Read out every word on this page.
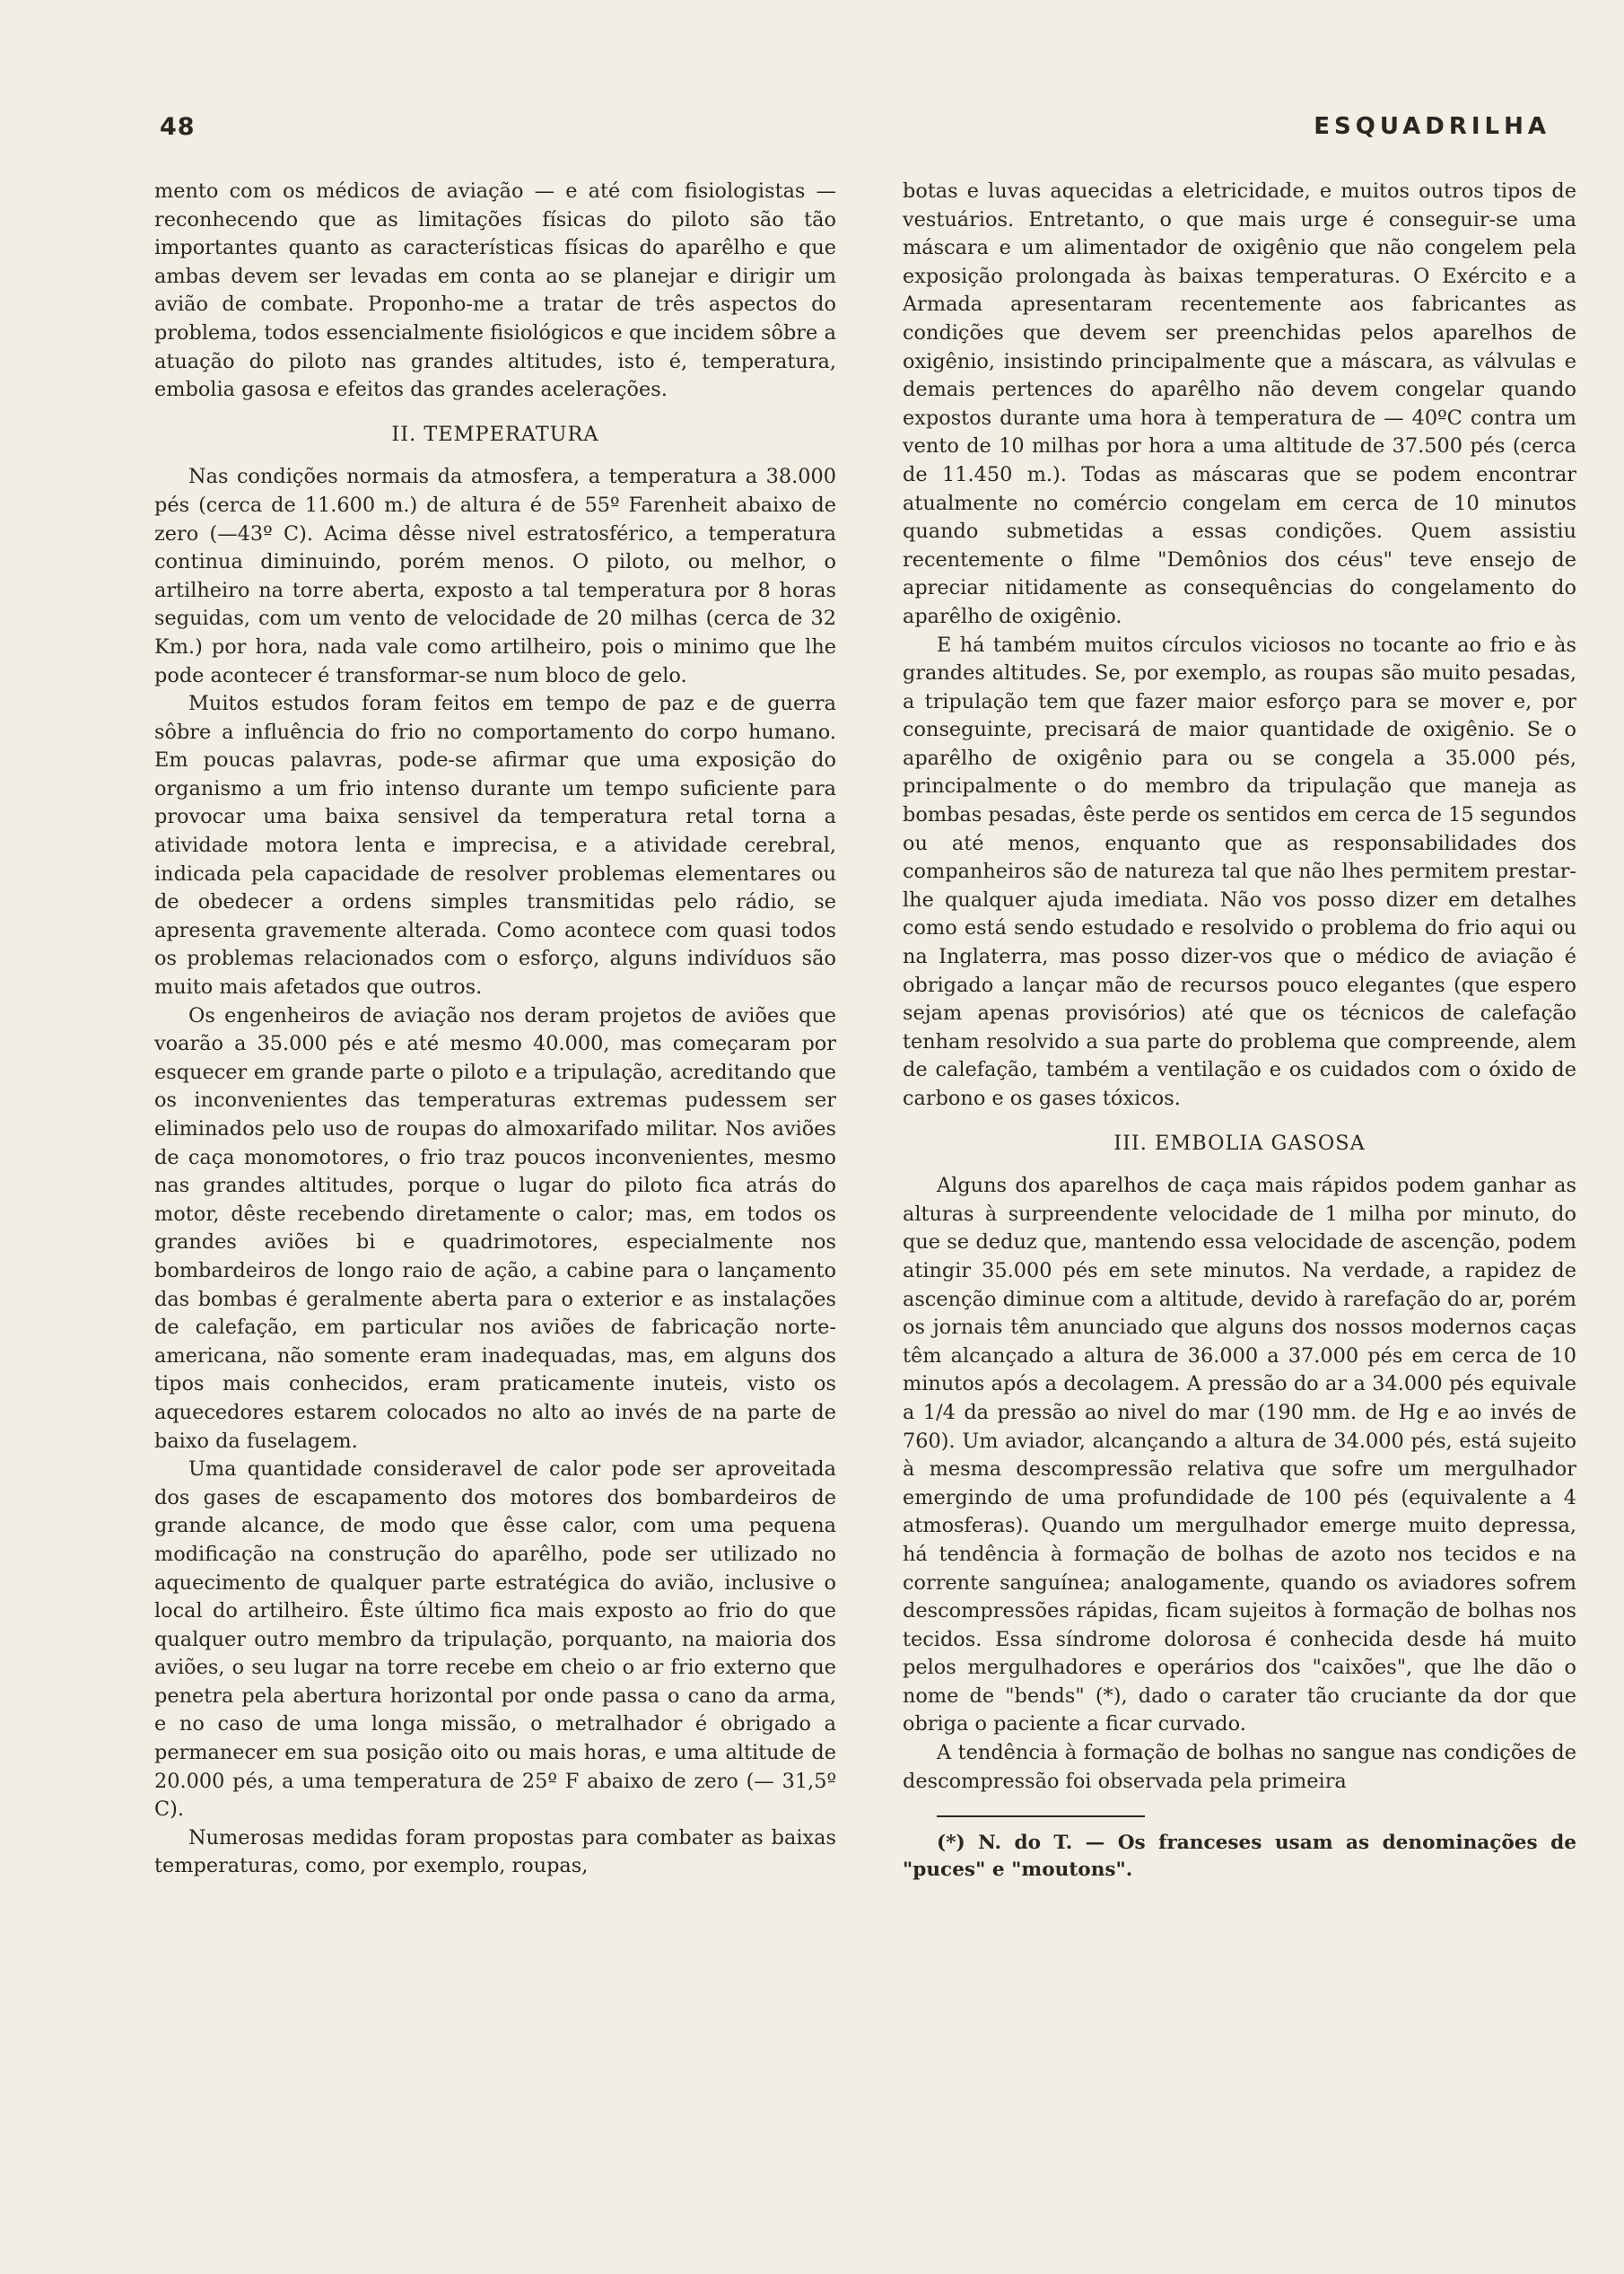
48	ESQUADRILHA

mento com os médicos de aviação — e até com fisiologistas — reconhecendo que as limitações físicas do piloto são tão importantes quanto as características físicas do aparêlho e que ambas devem ser levadas em conta ao se planejar e dirigir um avião de combate. Proponho-me a tratar de três aspectos do problema, todos essencialmente fisiológicos e que incidem sôbre a atuação do piloto nas grandes altitudes, isto é, temperatura, embolia gasosa e efeitos das grandes acelerações.

II. TEMPERATURA

Nas condições normais da atmosfera, a temperatura a 38.000 pés (cerca de 11.600 m.) de altura é de 55º Farenheit abaixo de zero (—43º C). Acima dêsse nivel estratosférico, a temperatura continua diminuindo, porém menos. O piloto, ou melhor, o artilheiro na torre aberta, exposto a tal temperatura por 8 horas seguidas, com um vento de velocidade de 20 milhas (cerca de 32 Km.) por hora, nada vale como artilheiro, pois o minimo que lhe pode acontecer é transformar-se num bloco de gelo.

Muitos estudos foram feitos em tempo de paz e de guerra sôbre a influência do frio no comportamento do corpo humano. Em poucas palavras, pode-se afirmar que uma exposição do organismo a um frio intenso durante um tempo suficiente para provocar uma baixa sensivel da temperatura retal torna a atividade motora lenta e imprecisa, e a atividade cerebral, indicada pela capacidade de resolver problemas elementares ou de obedecer a ordens simples transmitidas pelo rádio, se apresenta gravemente alterada. Como acontece com quasi todos os problemas relacionados com o esforço, alguns indivíduos são muito mais afetados que outros.

Os engenheiros de aviação nos deram projetos de aviões que voarão a 35.000 pés e até mesmo 40.000, mas começaram por esquecer em grande parte o piloto e a tripulação, acreditando que os inconvenientes das temperaturas extremas pudessem ser eliminados pelo uso de roupas do almoxarifado militar. Nos aviões de caça monomotores, o frio traz poucos inconvenientes, mesmo nas grandes altitudes, porque o lugar do piloto fica atrás do motor, dêste recebendo diretamente o calor; mas, em todos os grandes aviões bi e quadrimotores, especialmente nos bombardeiros de longo raio de ação, a cabine para o lançamento das bombas é geralmente aberta para o exterior e as instalações de calefação, em particular nos aviões de fabricação norte-americana, não somente eram inadequadas, mas, em alguns dos tipos mais conhecidos, eram praticamente inuteis, visto os aquecedores estarem colocados no alto ao invés de na parte de baixo da fuselagem.

Uma quantidade consideravel de calor pode ser aproveitada dos gases de escapamento dos motores dos bombardeiros de grande alcance, de modo que êsse calor, com uma pequena modificação na construção do aparêlho, pode ser utilizado no aquecimento de qualquer parte estratégica do avião, inclusive o local do artilheiro. Êste último fica mais exposto ao frio do que qualquer outro membro da tripulação, porquanto, na maioria dos aviões, o seu lugar na torre recebe em cheio o ar frio externo que penetra pela abertura horizontal por onde passa o cano da arma, e no caso de uma longa missão, o metralhador é obrigado a permanecer em sua posição oito ou mais horas, e uma altitude de 20.000 pés, a uma temperatura de 25º F abaixo de zero (— 31,5º C).

Numerosas medidas foram propostas para combater as baixas temperaturas, como, por exemplo, roupas,

botas e luvas aquecidas a eletricidade, e muitos outros tipos de vestuários. Entretanto, o que mais urge é conseguir-se uma máscara e um alimentador de oxigênio que não congelem pela exposição prolongada às baixas temperaturas. O Exército e a Armada apresentaram recentemente aos fabricantes as condições que devem ser preenchidas pelos aparelhos de oxigênio, insistindo principalmente que a máscara, as válvulas e demais pertences do aparêlho não devem congelar quando expostos durante uma hora à temperatura de — 40ºC contra um vento de 10 milhas por hora a uma altitude de 37.500 pés (cerca de 11.450 m.). Todas as máscaras que se podem encontrar atualmente no comércio congelam em cerca de 10 minutos quando submetidas a essas condições. Quem assistiu recentemente o filme "Demônios dos céus" teve ensejo de apreciar nitidamente as consequências do congelamento do aparêlho de oxigênio.

E há também muitos círculos viciosos no tocante ao frio e às grandes altitudes. Se, por exemplo, as roupas são muito pesadas, a tripulação tem que fazer maior esforço para se mover e, por conseguinte, precisará de maior quantidade de oxigênio. Se o aparêlho de oxigênio para ou se congela a 35.000 pés, principalmente o do membro da tripulação que maneja as bombas pesadas, êste perde os sentidos em cerca de 15 segundos ou até menos, enquanto que as responsabilidades dos companheiros são de natureza tal que não lhes permitem prestar-lhe qualquer ajuda imediata. Não vos posso dizer em detalhes como está sendo estudado e resolvido o problema do frio aqui ou na Inglaterra, mas posso dizer-vos que o médico de aviação é obrigado a lançar mão de recursos pouco elegantes (que espero sejam apenas provisórios) até que os técnicos de calefação tenham resolvido a sua parte do problema que compreende, alem de calefação, também a ventilação e os cuidados com o óxido de carbono e os gases tóxicos.

III. EMBOLIA GASOSA

Alguns dos aparelhos de caça mais rápidos podem ganhar as alturas à surpreendente velocidade de 1 milha por minuto, do que se deduz que, mantendo essa velocidade de ascenção, podem atingir 35.000 pés em sete minutos. Na verdade, a rapidez de ascenção diminue com a altitude, devido à rarefação do ar, porém os jornais têm anunciado que alguns dos nossos modernos caças têm alcançado a altura de 36.000 a 37.000 pés em cerca de 10 minutos após a decolagem. A pressão do ar a 34.000 pés equivale a 1/4 da pressão ao nivel do mar (190 mm. de Hg e ao invés de 760). Um aviador, alcançando a altura de 34.000 pés, está sujeito à mesma descompressão relativa que sofre um mergulhador emergindo de uma profundidade de 100 pés (equivalente a 4 atmosferas). Quando um mergulhador emerge muito depressa, há tendência à formação de bolhas de azoto nos tecidos e na corrente sanguínea; analogamente, quando os aviadores sofrem descompressões rápidas, ficam sujeitos à formação de bolhas nos tecidos. Essa síndrome dolorosa é conhecida desde há muito pelos mergulhadores e operários dos "caixões", que lhe dão o nome de "bends" (*), dado o carater tão cruciante da dor que obriga o paciente a ficar curvado.

A tendência à formação de bolhas no sangue nas condições de descompressão foi observada pela primeira

(*) N. do T. — Os franceses usam as denominações de "puces" e "moutons".
